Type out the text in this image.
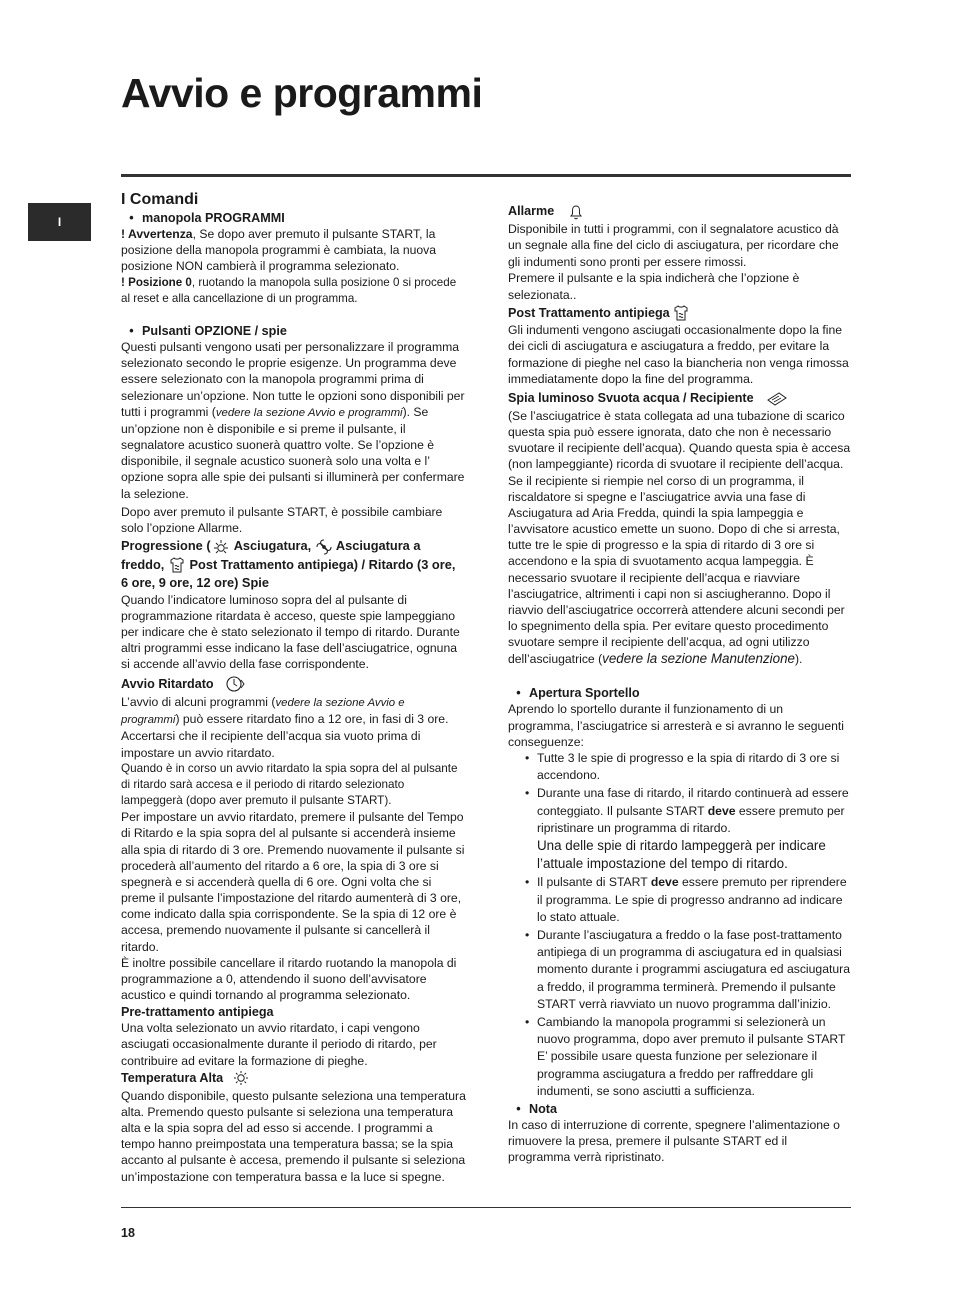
Avvio e programmi
I

I Comandi

• manopola PROGRAMMI

! Avvertenza, Se dopo aver premuto il pulsante START, la posizione della manopola programmi è cambiata, la nuova posizione NON cambierà il programma selezionato.

! Posizione 0, ruotando la manopola sulla posizione 0 si procede al reset e alla cancellazione di un programma.

• Pulsanti OPZIONE / spie

Questi pulsanti vengono usati per personalizzare il programma selezionato secondo le proprie esigenze. Un programma deve essere selezionato con la manopola programmi prima di selezionare un’opzione. Non tutte le opzioni sono disponibili per tutti i programmi (vedere la sezione Avvio e programmi). Se un’opzione non è disponibile e si preme il pulsante, il segnalatore acustico suonerà quattro volte. Se l’opzione è disponibile, il segnale acustico suonerà solo una volta e l’ opzione sopra alle spie dei pulsanti si illuminerà per confermare la selezione.

Dopo aver premuto il pulsante START, è possibile cambiare solo l’opzione Allarme.

Progressione ( Asciugatura,  Asciugatura a freddo,  Post Trattamento antipiega) / Ritardo (3 ore, 6 ore, 9 ore, 12 ore) Spie

Quando l’indicatore luminoso sopra del al pulsante di programmazione ritardata è acceso, queste spie lampeggiano per indicare che è stato selezionato il tempo di ritardo. Durante altri programmi esse indicano la fase dell’asciugatrice, ognuna si accende all’avvio della fase corrispondente.

Avvio Ritardato

L’avvio di alcuni programmi (vedere la sezione Avvio e programmi) può essere ritardato fino a 12 ore, in fasi di 3 ore. Accertarsi che il recipiente dell’acqua sia vuoto prima di impostare un avvio ritardato.

Quando è in corso un avvio ritardato la spia sopra del al pulsante di ritardo sarà accesa e il periodo di ritardo selezionato lampeggerà (dopo aver premuto il pulsante START).

Per impostare un avvio ritardato, premere il pulsante del Tempo di Ritardo e la spia sopra del al pulsante si accenderà insieme alla spia di ritardo di 3 ore. Premendo nuovamente il pulsante si procederà all’aumento del ritardo a 6 ore, la spia di 3 ore si spegnerà e si accenderà quella di 6 ore. Ogni volta che si preme il pulsante l’impostazione del ritardo aumenterà di 3 ore, come indicato dalla spia corrispondente. Se la spia di 12 ore è accesa, premendo nuovamente il pulsante si cancellerà il ritardo.

È inoltre possibile cancellare il ritardo ruotando la manopola di programmazione a 0, attendendo il suono dell’avvisatore acustico e quindi tornando al programma selezionato.

Pre-trattamento antipiega

Una volta selezionato un avvio ritardato, i capi vengono asciugati occasionalmente durante il periodo di ritardo, per contribuire ad evitare la formazione di pieghe.

Temperatura Alta

Quando disponibile, questo pulsante seleziona una temperatura alta. Premendo questo pulsante si seleziona una temperatura alta e la spia sopra del ad esso si accende. I programmi a tempo hanno preimpostata una temperatura bassa; se la spia accanto al pulsante è accesa, premendo il pulsante si seleziona un’impostazione con temperatura bassa e la luce si spegne.

Allarme

Disponibile in tutti i programmi, con il segnalatore acustico dà un segnale alla fine del ciclo di asciugatura, per ricordare che gli indumenti sono pronti per essere rimossi.

Premere il pulsante e la spia indicherà che l’opzione è selezionata..

Post Trattamento antipiega

Gli indumenti vengono asciugati occasionalmente dopo la fine dei cicli di asciugatura e asciugatura a freddo, per evitare la formazione di pieghe nel caso la biancheria non venga rimossa immediatamente dopo la fine del programma.

Spia luminoso Svuota acqua / Recipiente

(Se l’asciugatrice è stata collegata ad una tubazione di scarico questa spia può essere ignorata, dato che non è necessario svuotare il recipiente dell’acqua). Quando questa spia è accesa (non lampeggiante) ricorda di svuotare il recipiente dell’acqua. Se il recipiente si riempie nel corso di un programma, il riscaldatore si spegne e l’asciugatrice avvia una fase di Asciugatura ad Aria Fredda, quindi la spia lampeggia e l’avvisatore acustico emette un suono. Dopo di che si arresta, tutte tre le spie di progresso e la spia di ritardo di 3 ore si accendono e la spia di svuotamento acqua lampeggia. È necessario svuotare il recipiente dell’acqua e riavviare l’asciugatrice, altrimenti i capi non si asciugheranno. Dopo il riavvio dell’asciugatrice occorrerà attendere alcuni secondi per lo spegnimento della spia. Per evitare questo procedimento svuotare sempre il recipiente dell’acqua, ad ogni utilizzo dell’asciugatrice (vedere la sezione Manutenzione).

• Apertura Sportello

Aprendo lo sportello durante il funzionamento di un programma, l’asciugatrice si arresterà e si avranno le seguenti conseguenze:

• Tutte 3 le spie di progresso e la spia di ritardo di 3 ore si accendono.
• Durante una fase di ritardo, il ritardo continuerà ad essere conteggiato. Il pulsante START deve essere premuto per ripristinare un programma di ritardo.
Una delle spie di ritardo lampeggerà per indicare l’attuale impostazione del tempo di ritardo.
• Il pulsante di START deve essere premuto per riprendere il programma. Le spie di progresso andranno ad indicare lo stato attuale.
• Durante l’asciugatura a freddo o la fase post-trattamento antipiega di un programma di asciugatura ed in qualsiasi momento durante i programmi asciugatura ed asciugatura a freddo, il programma terminerà. Premendo il pulsante START verrà riavviato un nuovo programma dall’inizio.
• Cambiando la manopola programmi si selezionerà un nuovo programma, dopo aver premuto il pulsante START E’ possibile usare questa funzione per selezionare il programma asciugatura a freddo per raffreddare gli indumenti, se sono asciutti a sufficienza.

• Nota

In caso di interruzione di corrente, spegnere l’alimentazione o rimuovere la presa, premere il pulsante START ed il programma verrà ripristinato.

18
